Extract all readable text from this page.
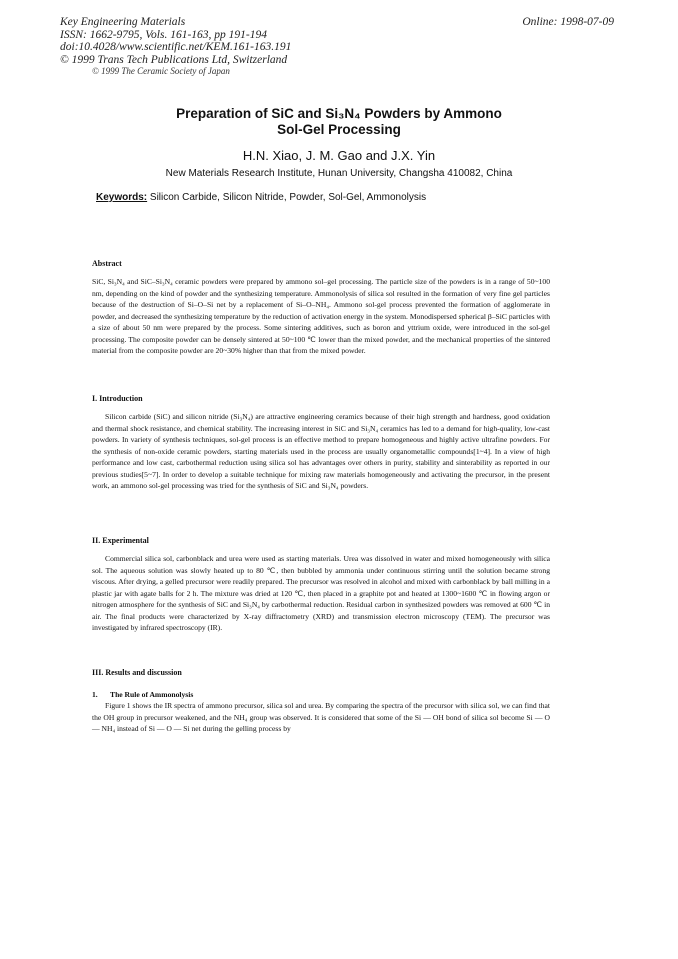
Key Engineering Materials
ISSN: 1662-9795, Vols. 161-163, pp 191-194
doi:10.4028/www.scientific.net/KEM.161-163.191
© 1999 Trans Tech Publications Ltd, Switzerland
Online: 1998-07-09
© 1999 The Ceramic Society of Japan
Preparation of SiC and Si₃N₄ Powders by Ammono
Sol-Gel Processing
H.N. Xiao, J. M. Gao and J.X. Yin
New Materials Research Institute, Hunan University, Changsha 410082, China
Keywords: Silicon Carbide, Silicon Nitride, Powder, Sol-Gel, Ammonolysis
Abstract

SiC, Si₃N₄ and SiC–Si₃N₄ ceramic powders were prepared by ammono sol–gel processing. The particle size of the powders is in a range of 50~100 nm, depending on the kind of powder and the synthesizing temperature. Ammonolysis of silica sol resulted in the formation of very fine gel particles because of the destruction of Si–O–Si net by a replacement of Si–O–NH₄. Ammono sol-gel process prevented the formation of agglomerate in powder, and decreased the synthesizing temperature by the reduction of activation energy in the system. Monodispersed spherical β–SiC particles with a size of about 50 nm were prepared by the process. Some sintering additives, such as boron and yttrium oxide, were introduced in the sol-gel processing. The composite powder can be densely sintered at 50~100 ℃ lower than the mixed powder, and the mechanical properties of the sintered material from the composite powder are 20~30% higher than that from the mixed powder.

I. Introduction

Silicon carbide (SiC) and silicon nitride (Si₃N₄) are attractive engineering ceramics because of their high strength and hardness, good oxidation and thermal shock resistance, and chemical stability. The increasing interest in SiC and Si₃N₄ ceramics has led to a demand for high-quality, low-cast powders. In variety of synthesis techniques, sol-gel process is an effective method to prepare homogeneous and highly active ultrafine powders. For the synthesis of non-oxide ceramic powders, starting materials used in the process are usually organometallic compounds[1~4]. In a view of high performance and low cast, carbothermal reduction using silica sol has advantages over others in purity, stability and sinterability as reported in our previous studies[5~7]. In order to develop a suitable technique for mixing raw materials homogeneously and activating the precursor, in the present work, an ammono sol-gel processing was tried for the synthesis of SiC and Si₃N₄ powders.

II. Experimental

Commercial silica sol, carbonblack and urea were used as starting materials. Urea was dissolved in water and mixed homogeneously with silica sol. The aqueous solution was slowly heated up to 80 ℃, then bubbled by ammonia under continuous stirring until the solution became strong viscous. After drying, a gelled precursor were readily prepared. The precursor was resolved in alcohol and mixed with carbonblack by ball milling in a plastic jar with agate balls for 2 h. The mixture was dried at 120 ℃, then placed in a graphite pot and heated at 1300~1600 ℃ in flowing argon or nitrogen atmosphere for the synthesis of SiC and Si₃N₄ by carbothermal reduction. Residual carbon in synthesized powders was removed at 600 ℃ in air. The final products were characterized by X-ray diffractometry (XRD) and transmission electron microscopy (TEM). The precursor was investigated by infrared spectroscopy (IR).

III. Results and discussion
1. The Rule of Ammonolysis

Figure 1 shows the IR spectra of ammono precursor, silica sol and urea. By comparing the spectra of the precursor with silica sol, we can find that the OH group in precursor weakened, and the NH₄ group was observed. It is considered that some of the Si — OH bond of silica sol become Si — O — NH₄ instead of Si — O — Si net during the gelling process by
